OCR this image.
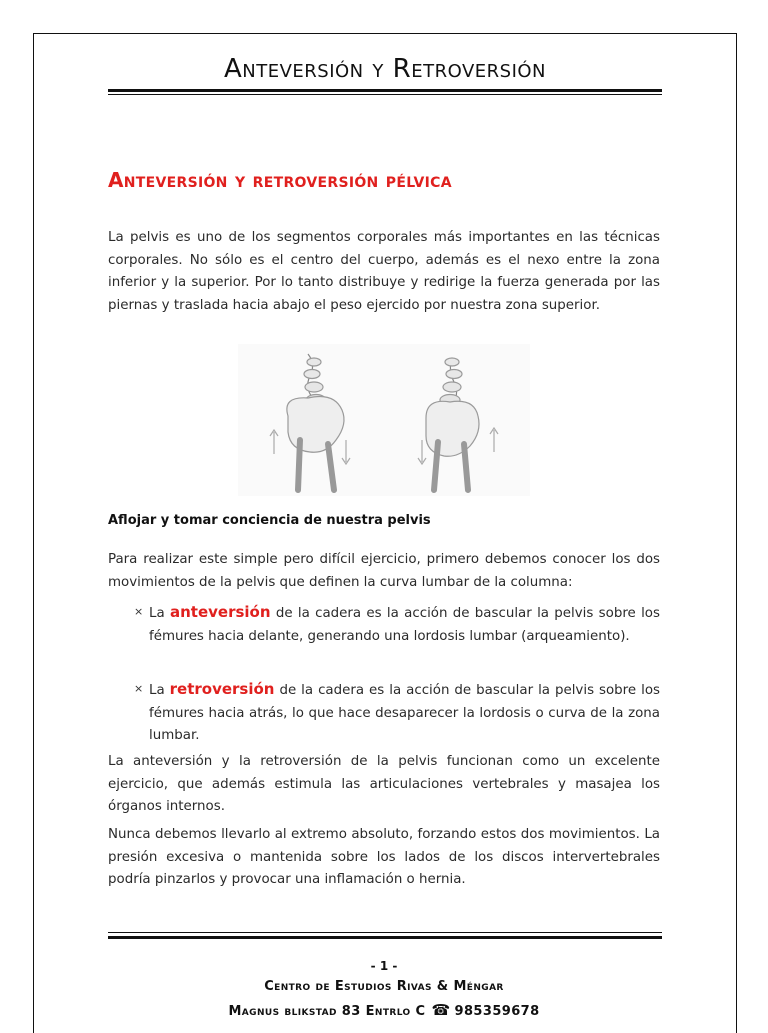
Anteversión y Retroversión
Anteversión y retroversión pélvica
La pelvis es uno de los segmentos corporales más importantes en las técnicas corporales. No sólo es el centro del cuerpo, además es el nexo entre la zona inferior y la superior. Por lo tanto distribuye y redirige la fuerza generada por las piernas y traslada hacia abajo el peso ejercido por nuestra zona superior.
Aflojar y tomar conciencia de nuestra pelvis
Para realizar este simple pero difícil ejercicio, primero debemos conocer los dos movimientos de la pelvis que definen la curva lumbar de la columna:
× La anteversión de la cadera es la acción de bascular la pelvis sobre los fémures hacia delante, generando una lordosis lumbar (arqueamiento).
× La retroversión de la cadera es la acción de bascular la pelvis sobre los fémures hacia atrás, lo que hace desaparecer la lordosis o curva de la zona lumbar.
La anteversión y la retroversión de la pelvis funcionan como un excelente ejercicio, que además estimula las articulaciones vertebrales y masajea los órganos internos.
Nunca debemos llevarlo al extremo absoluto, forzando estos dos movimientos. La presión excesiva o mantenida sobre los lados de los discos intervertebrales podría pinzarlos y provocar una inflamación o hernia.
- 1 -
Centro de Estudios Rivas & Méngar
Magnus blikstad 83 Entrlo C ☎ 985359678
